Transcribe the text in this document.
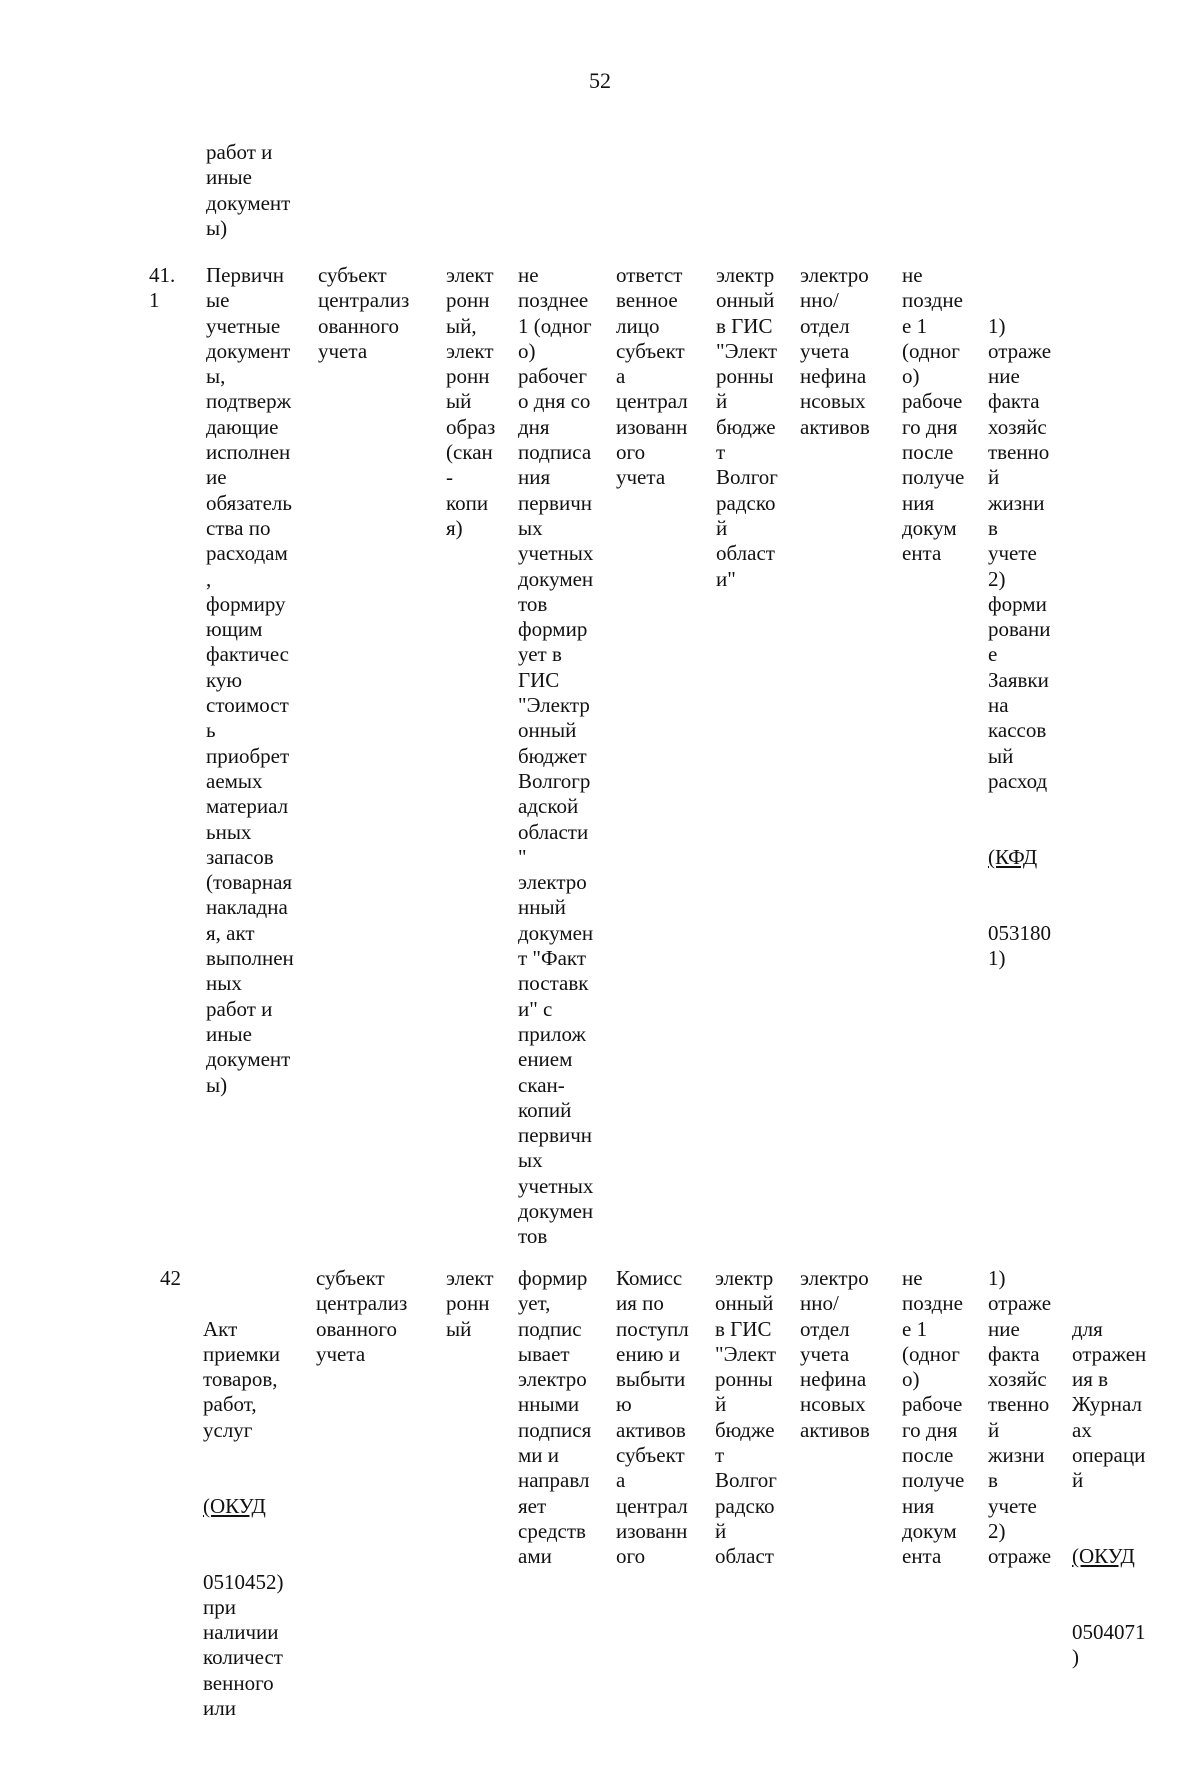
52
работ и
иные
документ
ы)
41.
1
Первичн
ые
учетные
документ
ы,
подтверж
дающие
исполнен
ие
обязатель
ства по
расходам
,
формиру
ющим
фактичес
кую
стоимост
ь
приобрет
aемых
материал
ьных
запасов
(товарная
накладна
я, акт
выполнен
ных
работ и
иные
документ
ы)
субъект
централиз
ованного
учета
элект
ронн
ый,
элект
ронн
ый
образ
(скан
-
копи
я)
не
позднее
1 (одног
о)
рабочег
о дня со
дня
подписа
ния
первичн
ых
учетных
докумен
тов
формир
ует в
ГИС
"Электр
онный
бюджет
Волгогр
адской
области
"
электро
нный
докумен
т "Факт
поставк
и" с
прилож
ением
скан-
копий
первичн
ых
учетных
докумен
тов
ответст
венное
лицо
субъект
а
централ
изованн
ого
учета
электр
онный
в ГИС
"Элект
ронны
й
бюдже
т
Волгог
радско
й
област
и"
электро
нно/
отдел
учета
нефина
нсовых
активов
не
поздне
е 1
(одног
о)
рабоче
го дня
после
получе
ния
докум
ента

1)
отраже
ние
факта
хозяйс
твенно
й
жизни
в
учете
2)
форми
ровани
е
Заявки
на
кассов
ый
расход

(КФД

053180
1)

42

Акт
приемки
товаров,
работ,
услуг

(ОКУД

0510452)
при
наличии
количест
венного
или

субъект
централиз
ованного
учета
элект
ронн
ый
формир
ует,
подпис
ывает
электро
нными
подпися
ми и
направл
яет
средств
ами
Комисс
ия по
поступл
ению и
выбыти
ю
активов
субъект
а
централ
изованн
ого
электр
онный
в ГИС
"Элект
ронны
й
бюдже
т
Волгог
радско
й
област
электро
нно/
отдел
учета
нефина
нсовых
активов
не
поздне
е 1
(одног
о)
рабоче
го дня
после
получе
ния
докум
ента
1)
отраже
ние
факта
хозяйс
твенно
й
жизни
в
учете
2)
отраже

для
отражен
ия в
Журнал
ах
операци
й

(ОКУД

0504071
)
